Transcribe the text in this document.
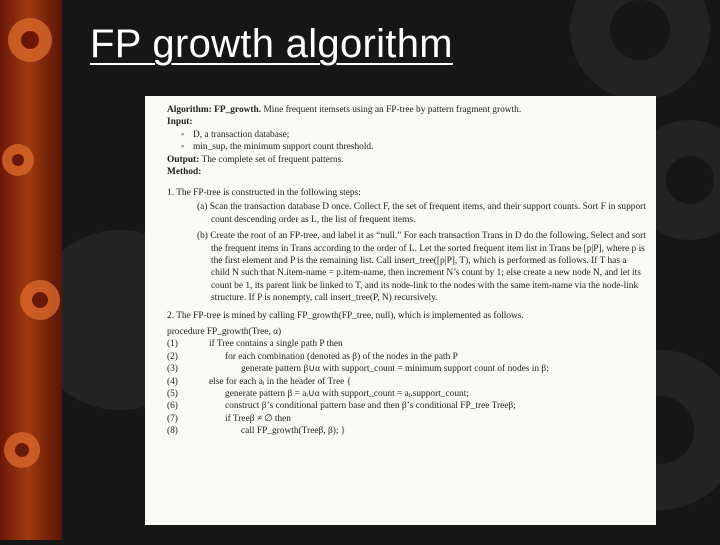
FP growth algorithm

Algorithm: FP_growth. Mine frequent itemsets using an FP-tree by pattern fragment growth.

Input:

▪ D, a transaction database;

▪ min_sup, the minimum support count threshold.

Output: The complete set of frequent patterns.

Method:

1. The FP-tree is constructed in the following steps:

(a) Scan the transaction database D once. Collect F, the set of frequent items, and their support counts. Sort F in support count descending order as L, the list of frequent items.

(b) Create the root of an FP-tree, and label it as “null.” For each transaction Trans in D do the following. Select and sort the frequent items in Trans according to the order of L. Let the sorted frequent item list in Trans be [p|P], where p is the first element and P is the remaining list. Call insert_tree([p|P], T), which is performed as follows. If T has a child N such that N.item-name = p.item-name, then increment N’s count by 1; else create a new node N, and let its count be 1, its parent link be linked to T, and its node-link to the nodes with the same item-name via the node-link structure. If P is nonempty, call insert_tree(P, N) recursively.

2. The FP-tree is mined by calling FP_growth(FP_tree, null), which is implemented as follows.

procedure FP_growth(Tree, α)

(1)	if Tree contains a single path P then
(2)	for each combination (denoted as β) of the nodes in the path P
(3)	generate pattern β∪α with support_count = minimum support count of nodes in β;
(4)	else for each aᵢ in the header of Tree {
(5)	generate pattern β = aᵢ∪α with support_count = aᵢ.support_count;
(6)	construct β’s conditional pattern base and then β’s conditional FP_tree Treeβ;
(7)	if Treeβ ≠ ∅ then
(8)	call FP_growth(Treeβ, β); }
